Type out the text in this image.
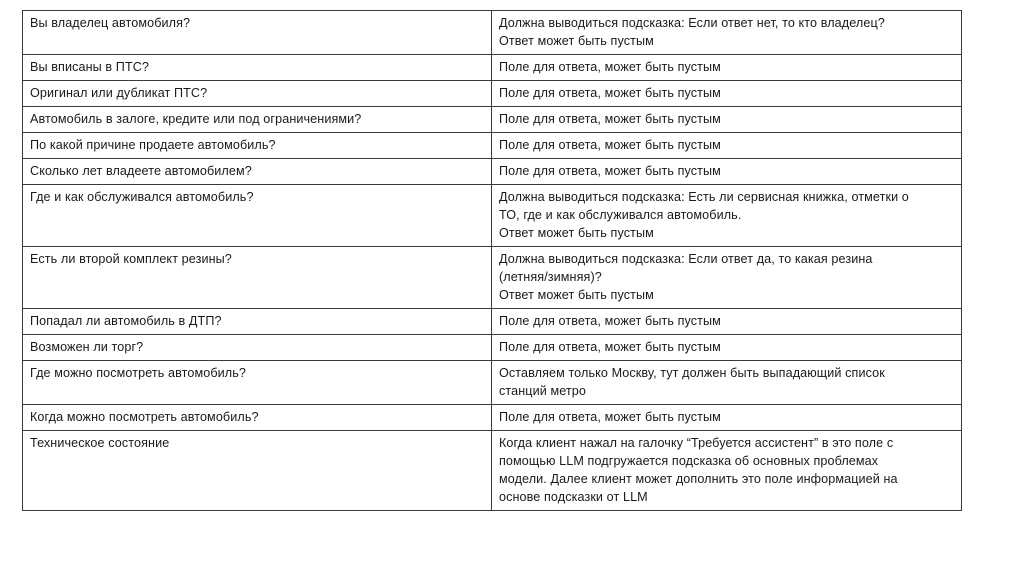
Вы владелец автомобиля?	Должна выводиться подсказка: Если ответ нет, то кто владелец?
Ответ может быть пустым

Вы вписаны в ПТС?	Поле для ответа, может быть пустым

Оригинал или дубликат ПТС?	Поле для ответа, может быть пустым

Автомобиль в залоге, кредите или под ограничениями?	Поле для ответа, может быть пустым

По какой причине продаете автомобиль?	Поле для ответа, может быть пустым

Сколько лет владеете автомобилем?	Поле для ответа, может быть пустым

Где и как обслуживался автомобиль?	Должна выводиться подсказка: Есть ли сервисная книжка, отметки о
ТО, где и как обслуживался автомобиль.
Ответ может быть пустым

Есть ли второй комплект резины?	Должна выводиться подсказка: Если ответ да, то какая резина
(летняя/зимняя)?
Ответ может быть пустым

Попадал ли автомобиль в ДТП?	Поле для ответа, может быть пустым

Возможен ли торг?	Поле для ответа, может быть пустым

Где можно посмотреть автомобиль?	Оставляем только Москву, тут должен быть выпадающий список
станций метро

Когда можно посмотреть автомобиль?	Поле для ответа, может быть пустым

Техническое состояние	Когда клиент нажал на галочку “Требуется ассистент” в это поле с
помощью LLM подгружается подсказка об основных проблемах
модели. Далее клиент может дополнить это поле информацией на
основе подсказки от LLM
